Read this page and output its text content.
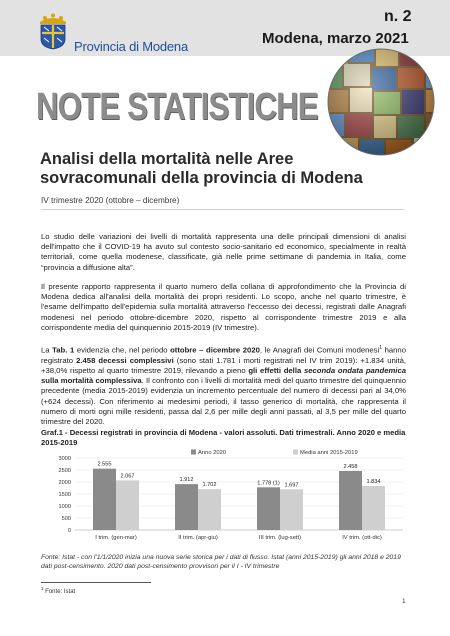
Provincia di Modena
n. 2
Modena, marzo 2021
NOTE STATISTICHE
Analisi della mortalità nelle Aree sovracomunali della provincia di Modena
IV trimestre 2020 (ottobre – dicembre)
Lo studio delle variazioni dei livelli di mortalità rappresenta una delle principali dimensioni di analisi dell'impatto che il COVID-19 ha avuto sul contesto socio-sanitario ed economico, specialmente in realtà territoriali, come quella modenese, classificate, già nelle prime settimane di pandemia in Italia, come “provincia a diffusione alta”.
Il presente rapporto rappresenta il quarto numero della collana di approfondimento che la Provincia di Modena dedica all'analisi della mortalità dei propri residenti. Lo scopo, anche nel quarto trimestre, è l'esame dell'impatto dell'epidemia sulla mortalità attraverso l'eccesso dei decessi, registrati dalle Anagrafi modenesi nel periodo ottobre-dicembre 2020, rispetto al corrispondente trimestre 2019 e alla corrispondente media del quinquennio 2015-2019 (IV trimestre).
La Tab. 1 evidenzia che, nel periodo ottobre – dicembre 2020, le Anagrafi dei Comuni modenesi$^1$ hanno registrato 2.458 decessi complessivi (sono stati 1.781 i morti registrati nel IV trim 2019): +1.834 unità, +38,0% rispetto al quarto trimestre 2019, rilevando a pieno gli effetti della seconda ondata pandemica sulla mortalità complessiva. Il confronto con i livelli di mortalità medi del quarto trimestre del quinquennio precedente (media 2015-2019) evidenzia un incremento percentuale del numero di decessi pari al 34,0% (+624 decessi). Con riferimento ai medesimi periodi, il tasso generico di mortalità, che rappresenta il numero di morti ogni mille residenti, passa dal 2,6 per mille degli anni passati, al 3,5 per mille del quarto trimestre del 2020.
Graf.1 - Decessi registrati in provincia di Modena - valori assoluti. Dati trimestrali. Anno 2020 e media 2015-2019
0
500
1000
1500
2000
2500
3000
Anno 2020	Media anni 2015-2019
2.555
2.067
I trim. (gen-mar)
1.912
1.702
II trim. (apr-giu)
1.778 (1) 1.697
III trim. (lug-sett)
2.458
1.834
IV trim. (ott-dic)
Fonte: Istat - con l'1/1/2020 inizia una nuova serie storica per i dati di flusso. Istat (anni 2015-2019) gli anni 2018 e 2019 dati post-censimento. 2020 dati post-censimento provvisori per il I - IV trimestre
$^1$ Fonte: Istat
1
